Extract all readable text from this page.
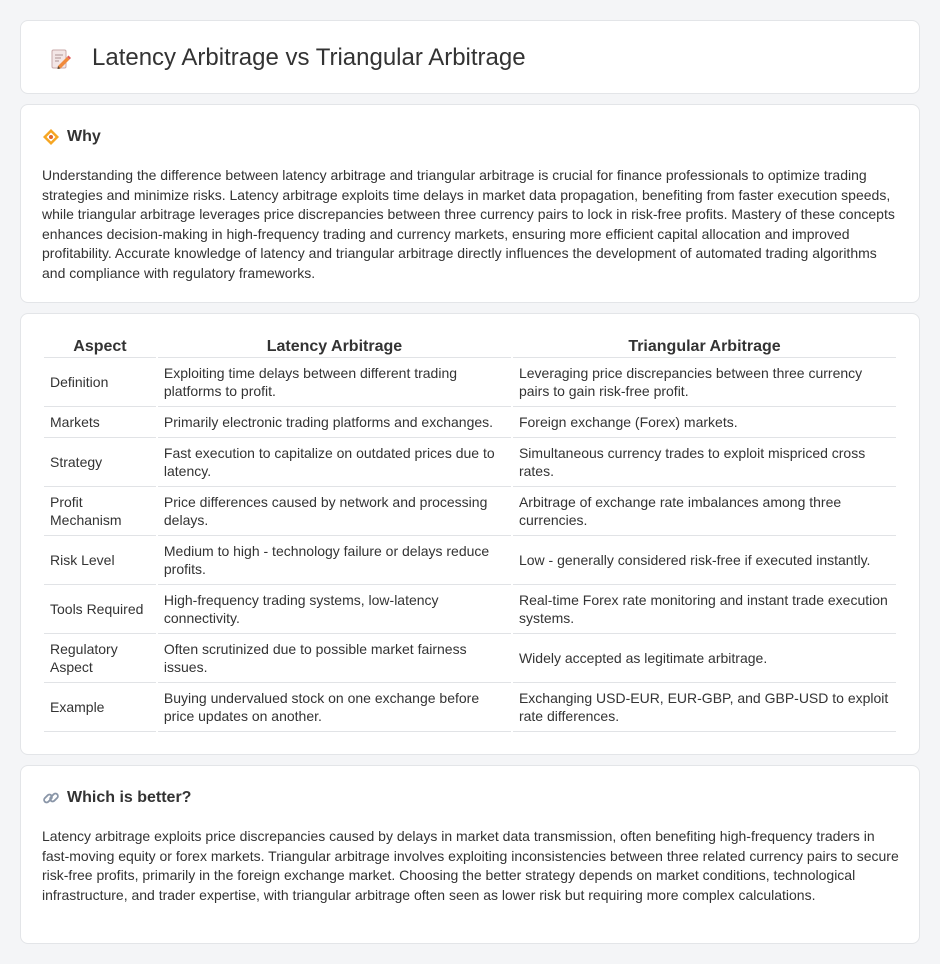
Latency Arbitrage vs Triangular Arbitrage
Why

Understanding the difference between latency arbitrage and triangular arbitrage is crucial for finance professionals to optimize trading strategies and minimize risks. Latency arbitrage exploits time delays in market data propagation, benefiting from faster execution speeds, while triangular arbitrage leverages price discrepancies between three currency pairs to lock in risk-free profits. Mastery of these concepts enhances decision-making in high-frequency trading and currency markets, ensuring more efficient capital allocation and improved profitability. Accurate knowledge of latency and triangular arbitrage directly influences the development of automated trading algorithms and compliance with regulatory frameworks.

Aspect	Latency Arbitrage	Triangular Arbitrage
Definition	Exploiting time delays between different trading platforms to profit.	Leveraging price discrepancies between three currency pairs to gain risk-free profit.
Markets	Primarily electronic trading platforms and exchanges.	Foreign exchange (Forex) markets.
Strategy	Fast execution to capitalize on outdated prices due to latency.	Simultaneous currency trades to exploit mispriced cross rates.
Profit Mechanism	Price differences caused by network and processing delays.	Arbitrage of exchange rate imbalances among three currencies.
Risk Level	Medium to high - technology failure or delays reduce profits.	Low - generally considered risk-free if executed instantly.
Tools Required	High-frequency trading systems, low-latency connectivity.	Real-time Forex rate monitoring and instant trade execution systems.
Regulatory Aspect	Often scrutinized due to possible market fairness issues.	Widely accepted as legitimate arbitrage.
Example	Buying undervalued stock on one exchange before price updates on another.	Exchanging USD-EUR, EUR-GBP, and GBP-USD to exploit rate differences.
Which is better?

Latency arbitrage exploits price discrepancies caused by delays in market data transmission, often benefiting high-frequency traders in fast-moving equity or forex markets. Triangular arbitrage involves exploiting inconsistencies between three related currency pairs to secure risk-free profits, primarily in the foreign exchange market. Choosing the better strategy depends on market conditions, technological infrastructure, and trader expertise, with triangular arbitrage often seen as lower risk but requiring more complex calculations.
